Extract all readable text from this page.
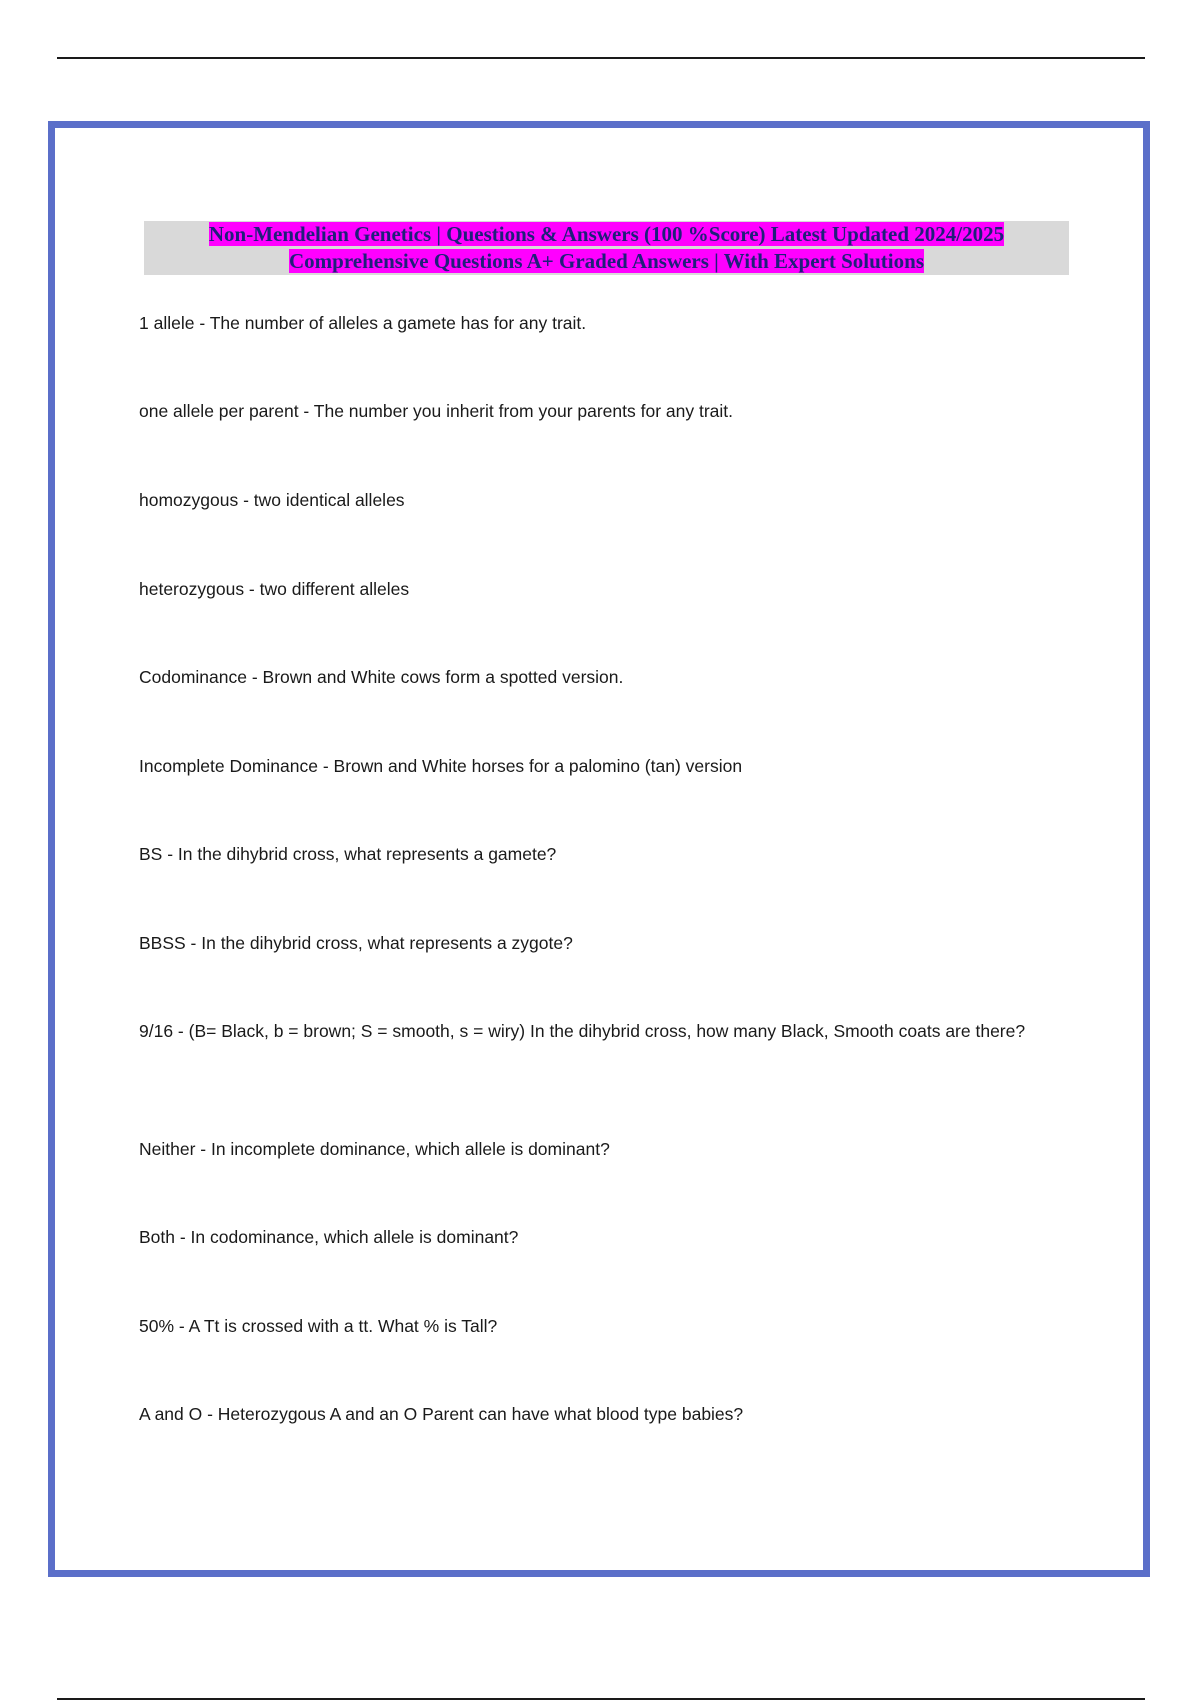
Non-Mendelian Genetics | Questions & Answers (100 %Score) Latest Updated 2024/2025
Comprehensive Questions A+ Graded Answers | With Expert Solutions
1 allele - The number of alleles a gamete has for any trait.
one allele per parent - The number you inherit from your parents for any trait.
homozygous - two identical alleles
heterozygous - two different alleles
Codominance - Brown and White cows form a spotted version.
Incomplete Dominance - Brown and White horses for a palomino (tan) version
BS - In the dihybrid cross, what represents a gamete?
BBSS - In the dihybrid cross, what represents a zygote?
9/16 - (B= Black, b = brown; S = smooth, s = wiry) In the dihybrid cross, how many Black, Smooth coats are there?
Neither - In incomplete dominance, which allele is dominant?
Both - In codominance, which allele is dominant?
50% - A Tt is crossed with a tt. What % is Tall?
A and O - Heterozygous A and an O Parent can have what blood type babies?
